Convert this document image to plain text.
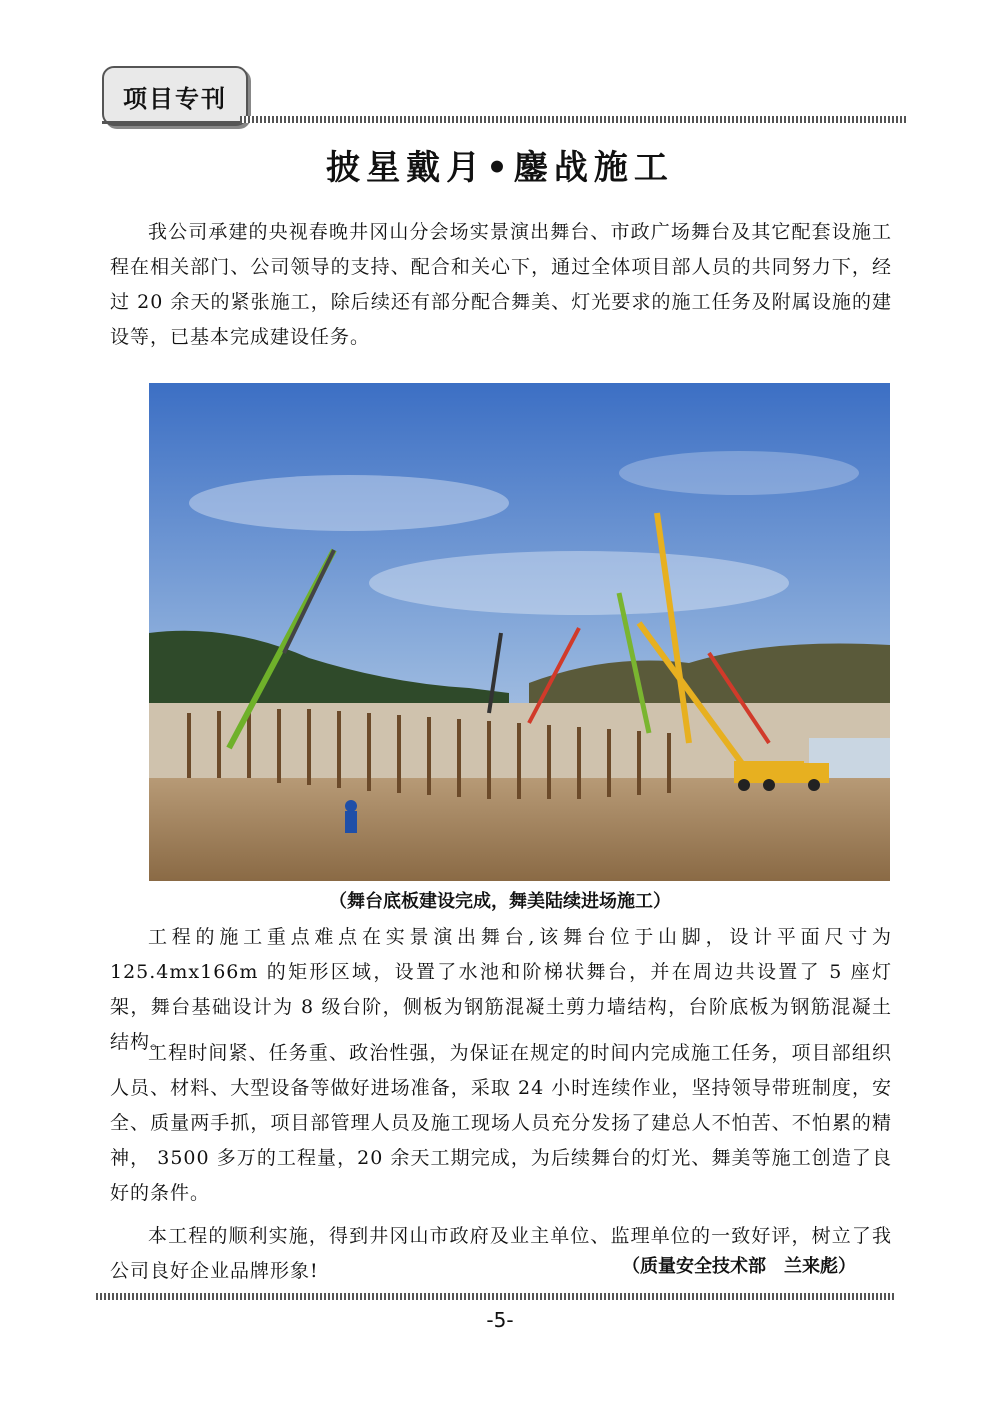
项目专刊
披星戴月•鏖战施工
我公司承建的央视春晚井冈山分会场实景演出舞台、市政广场舞台及其它配套设施工程在相关部门、公司领导的支持、配合和关心下，通过全体项目部人员的共同努力下，经过 20 余天的紧张施工，除后续还有部分配合舞美、灯光要求的施工任务及附属设施的建设等，已基本完成建设任务。
（舞台底板建设完成，舞美陆续进场施工）
工程的施工重点难点在实景演出舞台,该舞台位于山脚，设计平面尺寸为 125.4mx166m 的矩形区域，设置了水池和阶梯状舞台，并在周边共设置了 5 座灯架，舞台基础设计为 8 级台阶，侧板为钢筋混凝土剪力墙结构，台阶底板为钢筋混凝土结构。
工程时间紧、任务重、政治性强，为保证在规定的时间内完成施工任务，项目部组织人员、材料、大型设备等做好进场准备，采取 24 小时连续作业，坚持领导带班制度，安全、质量两手抓，项目部管理人员及施工现场人员充分发扬了建总人不怕苦、不怕累的精神， 3500 多万的工程量，20 余天工期完成，为后续舞台的灯光、舞美等施工创造了良好的条件。
本工程的顺利实施，得到井冈山市政府及业主单位、监理单位的一致好评，树立了我公司良好企业品牌形象!	（质量安全技术部　兰来彪）
-5-
